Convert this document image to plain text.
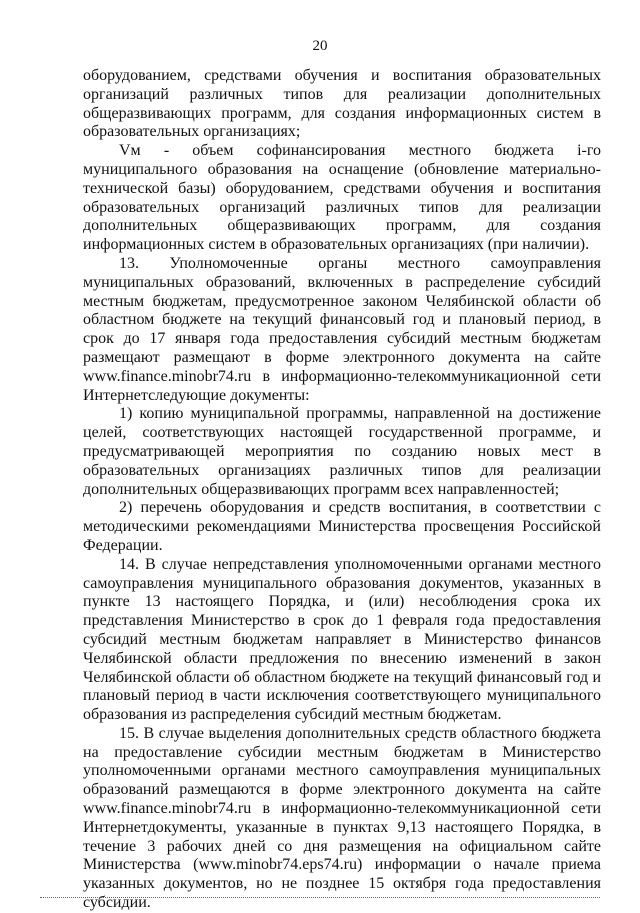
20

оборудованием, средствами обучения и воспитания образовательных организаций различных типов для реализации дополнительных общеразвивающих программ, для создания информационных систем в образовательных организациях;

Vм - объем софинансирования местного бюджета i-го муниципального образования на оснащение (обновление материально-технической базы) оборудованием, средствами обучения и воспитания образовательных организаций различных типов для реализации дополнительных общеразвивающих программ, для создания информационных систем в образовательных организациях (при наличии).

13. Уполномоченные органы местного самоуправления муниципальных образований, включенных в распределение субсидий местным бюджетам, предусмотренное законом Челябинской области об областном бюджете на текущий финансовый год и плановый период, в срок до 17 января года предоставления субсидий местным бюджетам размещают размещают в форме электронного документа на сайте www.finance.minobr74.ru в информационно-телекоммуникационной сети Интернетследующие документы:

1) копию муниципальной программы, направленной на достижение целей, соответствующих настоящей государственной программе, и предусматривающей мероприятия по созданию новых мест в образовательных организациях различных типов для реализации дополнительных общеразвивающих программ всех направленностей;

2) перечень оборудования и средств воспитания, в соответствии с методическими рекомендациями Министерства просвещения Российской Федерации.

14. В случае непредставления уполномоченными органами местного самоуправления муниципального образования документов, указанных в пункте 13 настоящего Порядка, и (или) несоблюдения срока их представления Министерство в срок до 1 февраля года предоставления субсидий местным бюджетам направляет в Министерство финансов Челябинской области предложения по внесению изменений в закон Челябинской области об областном бюджете на текущий финансовый год и плановый период в части исключения соответствующего муниципального образования из распределения субсидий местным бюджетам.

15. В случае выделения дополнительных средств областного бюджета на предоставление субсидии местным бюджетам в Министерство уполномоченными органами местного самоуправления муниципальных образований размещаются в форме электронного документа на сайте www.finance.minobr74.ru в информационно-телекоммуникационной сети Интернетдокументы, указанные в пунктах 9,13 настоящего Порядка, в течение 3 рабочих дней со дня размещения на официальном сайте Министерства (www.minobr74.eps74.ru) информации о начале приема указанных документов, но не позднее 15 октября года предоставления субсидии.
